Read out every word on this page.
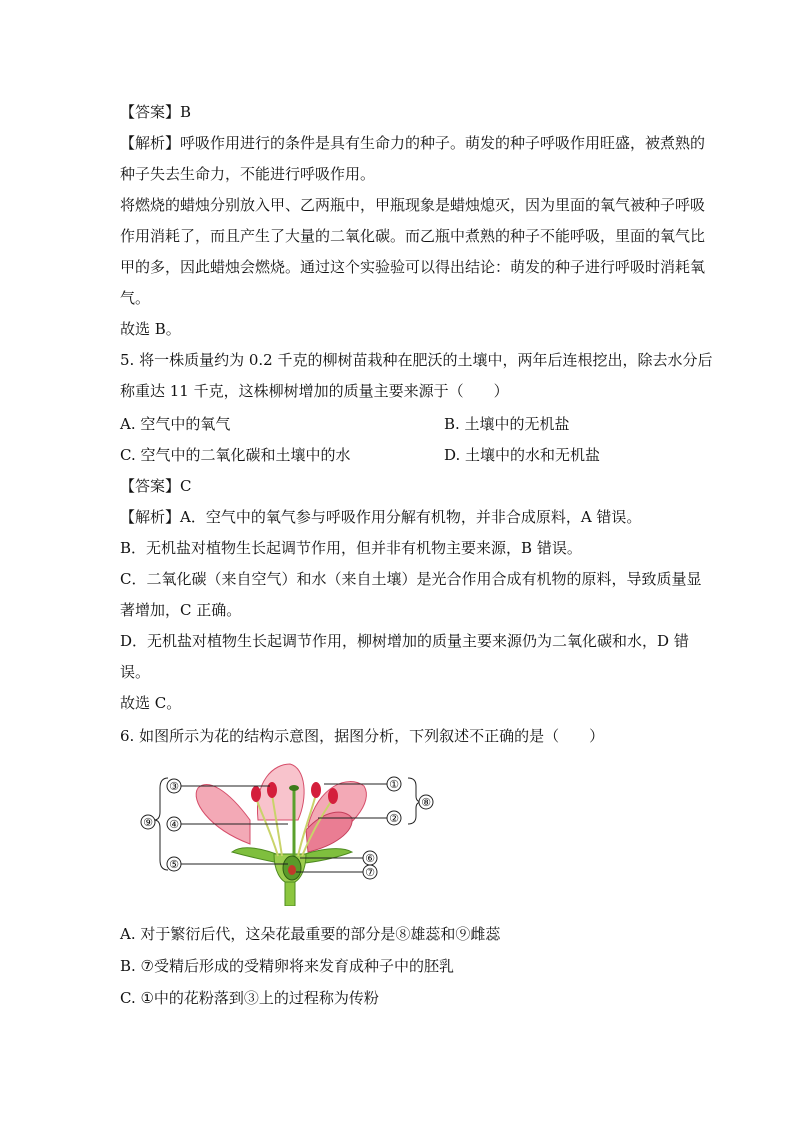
【答案】B
【解析】呼吸作用进行的条件是具有生命力的种子。萌发的种子呼吸作用旺盛，被煮熟的
种子失去生命力，不能进行呼吸作用。
将燃烧的蜡烛分别放入甲、乙两瓶中，甲瓶现象是蜡烛熄灭，因为里面的氧气被种子呼吸
作用消耗了，而且产生了大量的二氧化碳。而乙瓶中煮熟的种子不能呼吸，里面的氧气比
甲的多，因此蜡烛会燃烧。通过这个实验验可以得出结论：萌发的种子进行呼吸时消耗氧
气。
故选 B。
5. 将一株质量约为 0.2 千克的柳树苗栽种在肥沃的土壤中，两年后连根挖出，除去水分后
称重达 11 千克，这株柳树增加的质量主要来源于（　　）
A. 空气中的氧气	B. 土壤中的无机盐
C. 空气中的二氧化碳和土壤中的水	D. 土壤中的水和无机盐
【答案】C
【解析】A．空气中的氧气参与呼吸作用分解有机物，并非合成原料，A 错误。
B．无机盐对植物生长起调节作用，但并非有机物主要来源，B 错误。
C．二氧化碳（来自空气）和水（来自土壤）是光合作用合成有机物的原料，导致质量显
著增加，C 正确。
D．无机盐对植物生长起调节作用，柳树增加的质量主要来源仍为二氧化碳和水，D 错
误。
故选 C。
6. 如图所示为花的结构示意图，据图分析，下列叙述不正确的是（　　）
③
④
⑤
①
②
⑥
⑦
⑧
⑨
A. 对于繁衍后代，这朵花最重要的部分是⑧雄蕊和⑨雌蕊
B. ⑦受精后形成的受精卵将来发育成种子中的胚乳
C. ①中的花粉落到③上的过程称为传粉
